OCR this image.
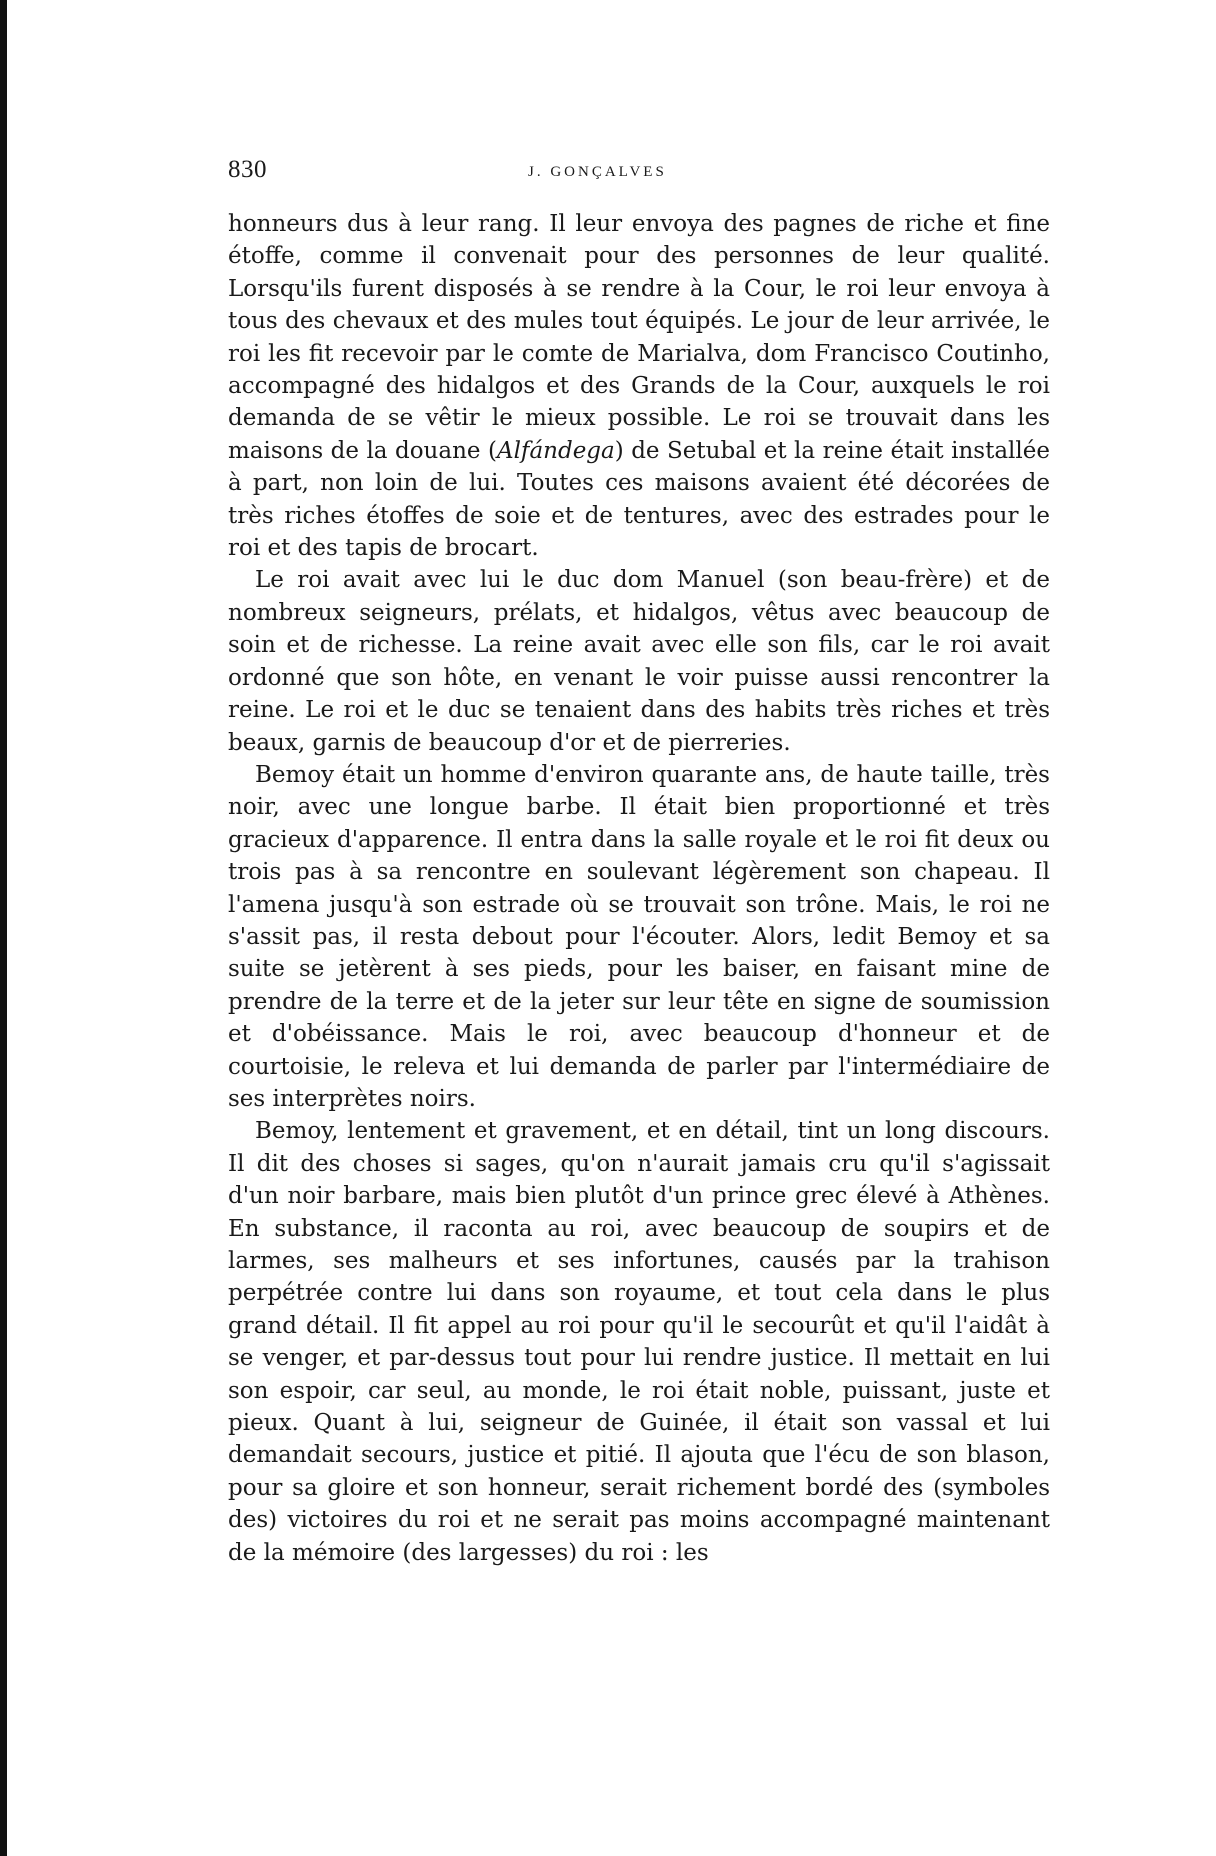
830	J. GONÇALVES

honneurs dus à leur rang. Il leur envoya des pagnes de riche et fine étoffe, comme il convenait pour des personnes de leur qualité. Lorsqu'ils furent disposés à se rendre à la Cour, le roi leur envoya à tous des chevaux et des mules tout équipés. Le jour de leur arrivée, le roi les fit recevoir par le comte de Marialva, dom Francisco Coutinho, accompagné des hidalgos et des Grands de la Cour, auxquels le roi demanda de se vêtir le mieux possible. Le roi se trouvait dans les maisons de la douane (Alfándega) de Setubal et la reine était installée à part, non loin de lui. Toutes ces maisons avaient été décorées de très riches étoffes de soie et de tentures, avec des estrades pour le roi et des tapis de brocart.

Le roi avait avec lui le duc dom Manuel (son beau-frère) et de nombreux seigneurs, prélats, et hidalgos, vêtus avec beaucoup de soin et de richesse. La reine avait avec elle son fils, car le roi avait ordonné que son hôte, en venant le voir puisse aussi rencontrer la reine. Le roi et le duc se tenaient dans des habits très riches et très beaux, garnis de beaucoup d'or et de pierreries.

Bemoy était un homme d'environ quarante ans, de haute taille, très noir, avec une longue barbe. Il était bien proportionné et très gracieux d'apparence. Il entra dans la salle royale et le roi fit deux ou trois pas à sa rencontre en soulevant légèrement son chapeau. Il l'amena jusqu'à son estrade où se trouvait son trône. Mais, le roi ne s'assit pas, il resta debout pour l'écouter. Alors, ledit Bemoy et sa suite se jetèrent à ses pieds, pour les baiser, en faisant mine de prendre de la terre et de la jeter sur leur tête en signe de soumission et d'obéissance. Mais le roi, avec beaucoup d'honneur et de courtoisie, le releva et lui demanda de parler par l'intermédiaire de ses interprètes noirs.

Bemoy, lentement et gravement, et en détail, tint un long discours. Il dit des choses si sages, qu'on n'aurait jamais cru qu'il s'agissait d'un noir barbare, mais bien plutôt d'un prince grec élevé à Athènes. En substance, il raconta au roi, avec beaucoup de soupirs et de larmes, ses malheurs et ses infortunes, causés par la trahison perpétrée contre lui dans son royaume, et tout cela dans le plus grand détail. Il fit appel au roi pour qu'il le secourût et qu'il l'aidât à se venger, et par-dessus tout pour lui rendre justice. Il mettait en lui son espoir, car seul, au monde, le roi était noble, puissant, juste et pieux. Quant à lui, seigneur de Guinée, il était son vassal et lui demandait secours, justice et pitié. Il ajouta que l'écu de son blason, pour sa gloire et son honneur, serait richement bordé des (symboles des) victoires du roi et ne serait pas moins accompagné maintenant de la mémoire (des largesses) du roi : les
